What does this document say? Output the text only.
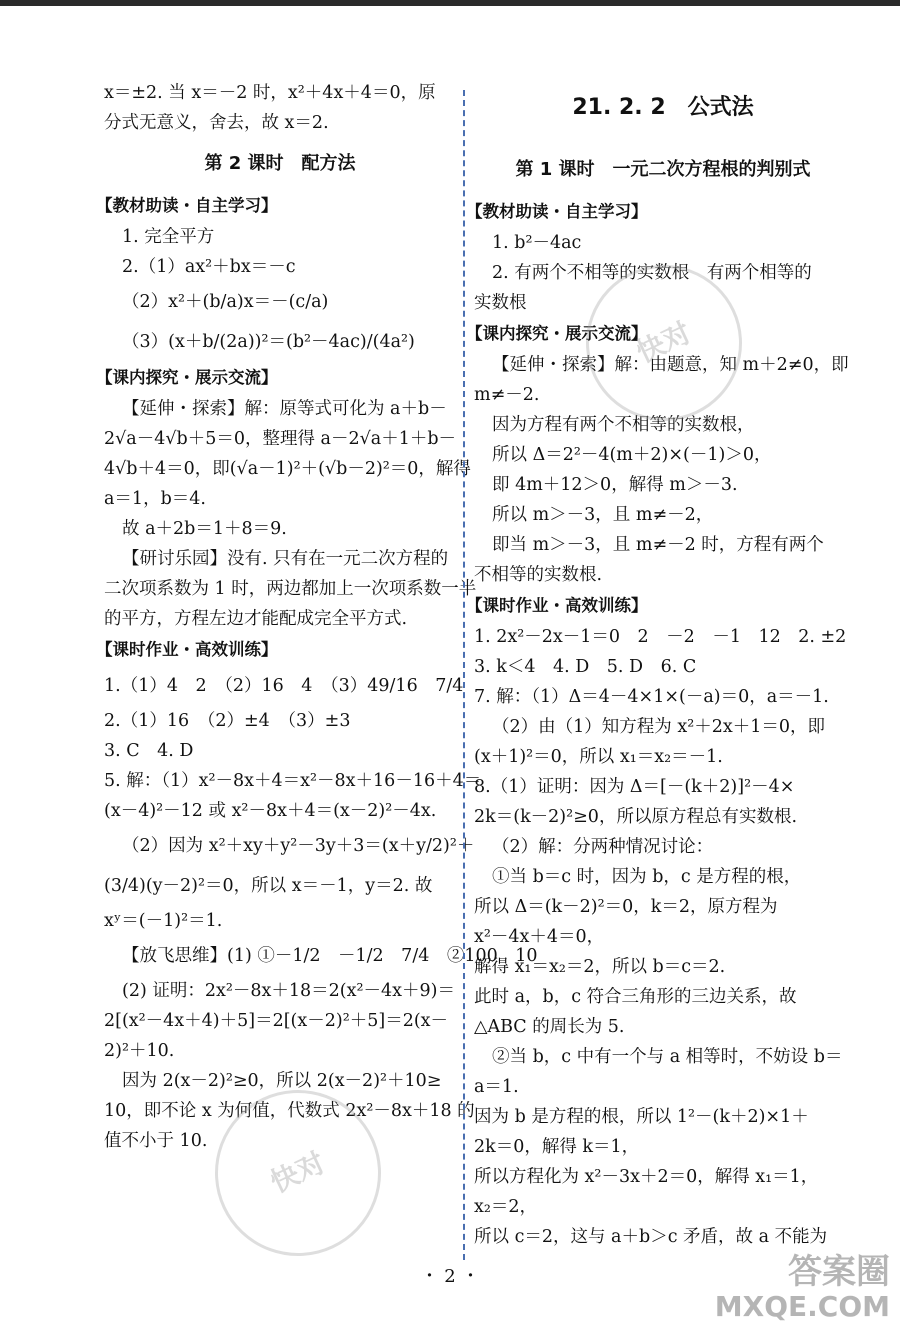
x＝±2. 当 x＝－2 时，x²＋4x＋4＝0，原
分式无意义，舍去，故 x＝2.
第 2 课时　配方法
【教材助读・自主学习】
1. 完全平方
2.（1）ax²＋bx＝－c
（2）x²＋(b/a)x＝－(c/a)
（3）(x＋b/(2a))²＝(b²－4ac)/(4a²)
【课内探究・展示交流】
【延伸・探索】解：原等式可化为 a＋b－
2√a－4√b＋5＝0，整理得 a－2√a＋1＋b－
4√b＋4＝0，即(√a－1)²＋(√b－2)²＝0，解得
a＝1，b＝4.
故 a＋2b＝1＋8＝9.
【研讨乐园】没有. 只有在一元二次方程的
二次项系数为 1 时，两边都加上一次项系数一半
的平方，方程左边才能配成完全平方式.
【课时作业・高效训练】
1.（1）4　2　（2）16　4　（3）49/16　7/4
2.（1）16　（2）±4　（3）±3
3. C　4. D
5. 解：（1）x²－8x＋4＝x²－8x＋16－16＋4＝
(x－4)²－12 或 x²－8x＋4＝(x－2)²－4x.
（2）因为 x²＋xy＋y²－3y＋3＝(x＋y/2)²＋
(3/4)(y－2)²＝0，所以 x＝－1，y＝2. 故
xʸ＝(－1)²＝1.
【放飞思维】(1) ①－1/2　－1/2　7/4　②100　10
(2) 证明：2x²－8x＋18＝2(x²－4x＋9)＝
2[(x²－4x＋4)＋5]＝2[(x－2)²＋5]＝2(x－
2)²＋10.
因为 2(x－2)²≥0，所以 2(x－2)²＋10≥
10，即不论 x 为何值，代数式 2x²－8x＋18 的
值不小于 10.
21. 2. 2　公式法
第 1 课时　一元二次方程根的判别式
【教材助读・自主学习】
1. b²－4ac
2. 有两个不相等的实数根　有两个相等的
实数根
【课内探究・展示交流】
【延伸・探索】解：由题意，知 m＋2≠0，即
m≠－2.
因为方程有两个不相等的实数根，
所以 Δ＝2²－4(m＋2)×(－1)＞0，
即 4m＋12＞0，解得 m＞－3.
所以 m＞－3，且 m≠－2，
即当 m＞－3，且 m≠－2 时，方程有两个
不相等的实数根.
【课时作业・高效训练】
1. 2x²－2x－1＝0　2　－2　－1　12　2. ±2
3. k＜4　4. D　5. D　6. C
7. 解：（1）Δ＝4－4×1×(－a)＝0，a＝－1.
（2）由（1）知方程为 x²＋2x＋1＝0，即
(x＋1)²＝0，所以 x₁＝x₂＝－1.
8.（1）证明：因为 Δ＝[－(k＋2)]²－4×
2k＝(k－2)²≥0，所以原方程总有实数根.
（2）解：分两种情况讨论：
①当 b＝c 时，因为 b，c 是方程的根，
所以 Δ＝(k－2)²＝0，k＝2，原方程为
x²－4x＋4＝0，
解得 x₁＝x₂＝2，所以 b＝c＝2.
此时 a，b，c 符合三角形的三边关系，故
△ABC 的周长为 5.
②当 b，c 中有一个与 a 相等时，不妨设 b＝
a＝1.
因为 b 是方程的根，所以 1²－(k＋2)×1＋
2k＝0，解得 k＝1，
所以方程化为 x²－3x＋2＝0，解得 x₁＝1，
x₂＝2，
所以 c＝2，这与 a＋b＞c 矛盾，故 a 不能为
快对
快对
・ 2 ・	答案圈
MXQE.COM
